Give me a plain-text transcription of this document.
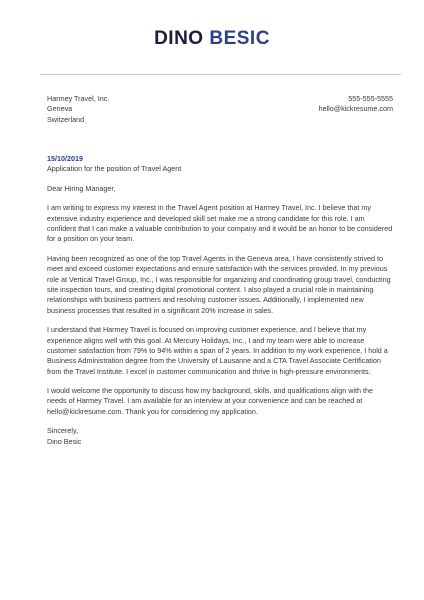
DINO BESIC
Harmey Travel, Inc.
Geneva
Switzerland
555-555-5555
hello@kickresume.com
15/10/2019
Application for the position of Travel Agent
Dear Hiring Manager,

I am writing to express my interest in the Travel Agent position at Harmey Travel, Inc. I believe that my extensive industry experience and developed skill set make me a strong candidate for this role. I am confident that I can make a valuable contribution to your company and it would be an honor to be considered for a position on your team.

Having been recognized as one of the top Travel Agents in the Geneva area, I have consistently strived to meet and exceed customer expectations and ensure satisfaction with the services provided. In my previous role at Vertical Travel Group, Inc., I was responsible for organizing and coordinating group travel, conducting site inspection tours, and creating digital promotional content. I also played a crucial role in maintaining relationships with business partners and resolving customer issues. Additionally, I implemented new business processes that resulted in a significant 20% increase in sales.

I understand that Harmey Travel is focused on improving customer experience, and I believe that my experience aligns well with this goal. At Mercury Holidays, Inc., I and my team were able to increase customer satisfaction from 79% to 94% within a span of 2 years. In addition to my work experience, I hold a Business Administration degree from the University of Lausanne and a CTA Travel Associate Certification from the Travel Institute. I excel in customer communication and thrive in high-pressure environments.

I would welcome the opportunity to discuss how my background, skills, and qualifications align with the needs of Harmey Travel. I am available for an interview at your convenience and can be reached at hello@kickresume.com. Thank you for considering my application.

Sincerely,
Dino Besic
